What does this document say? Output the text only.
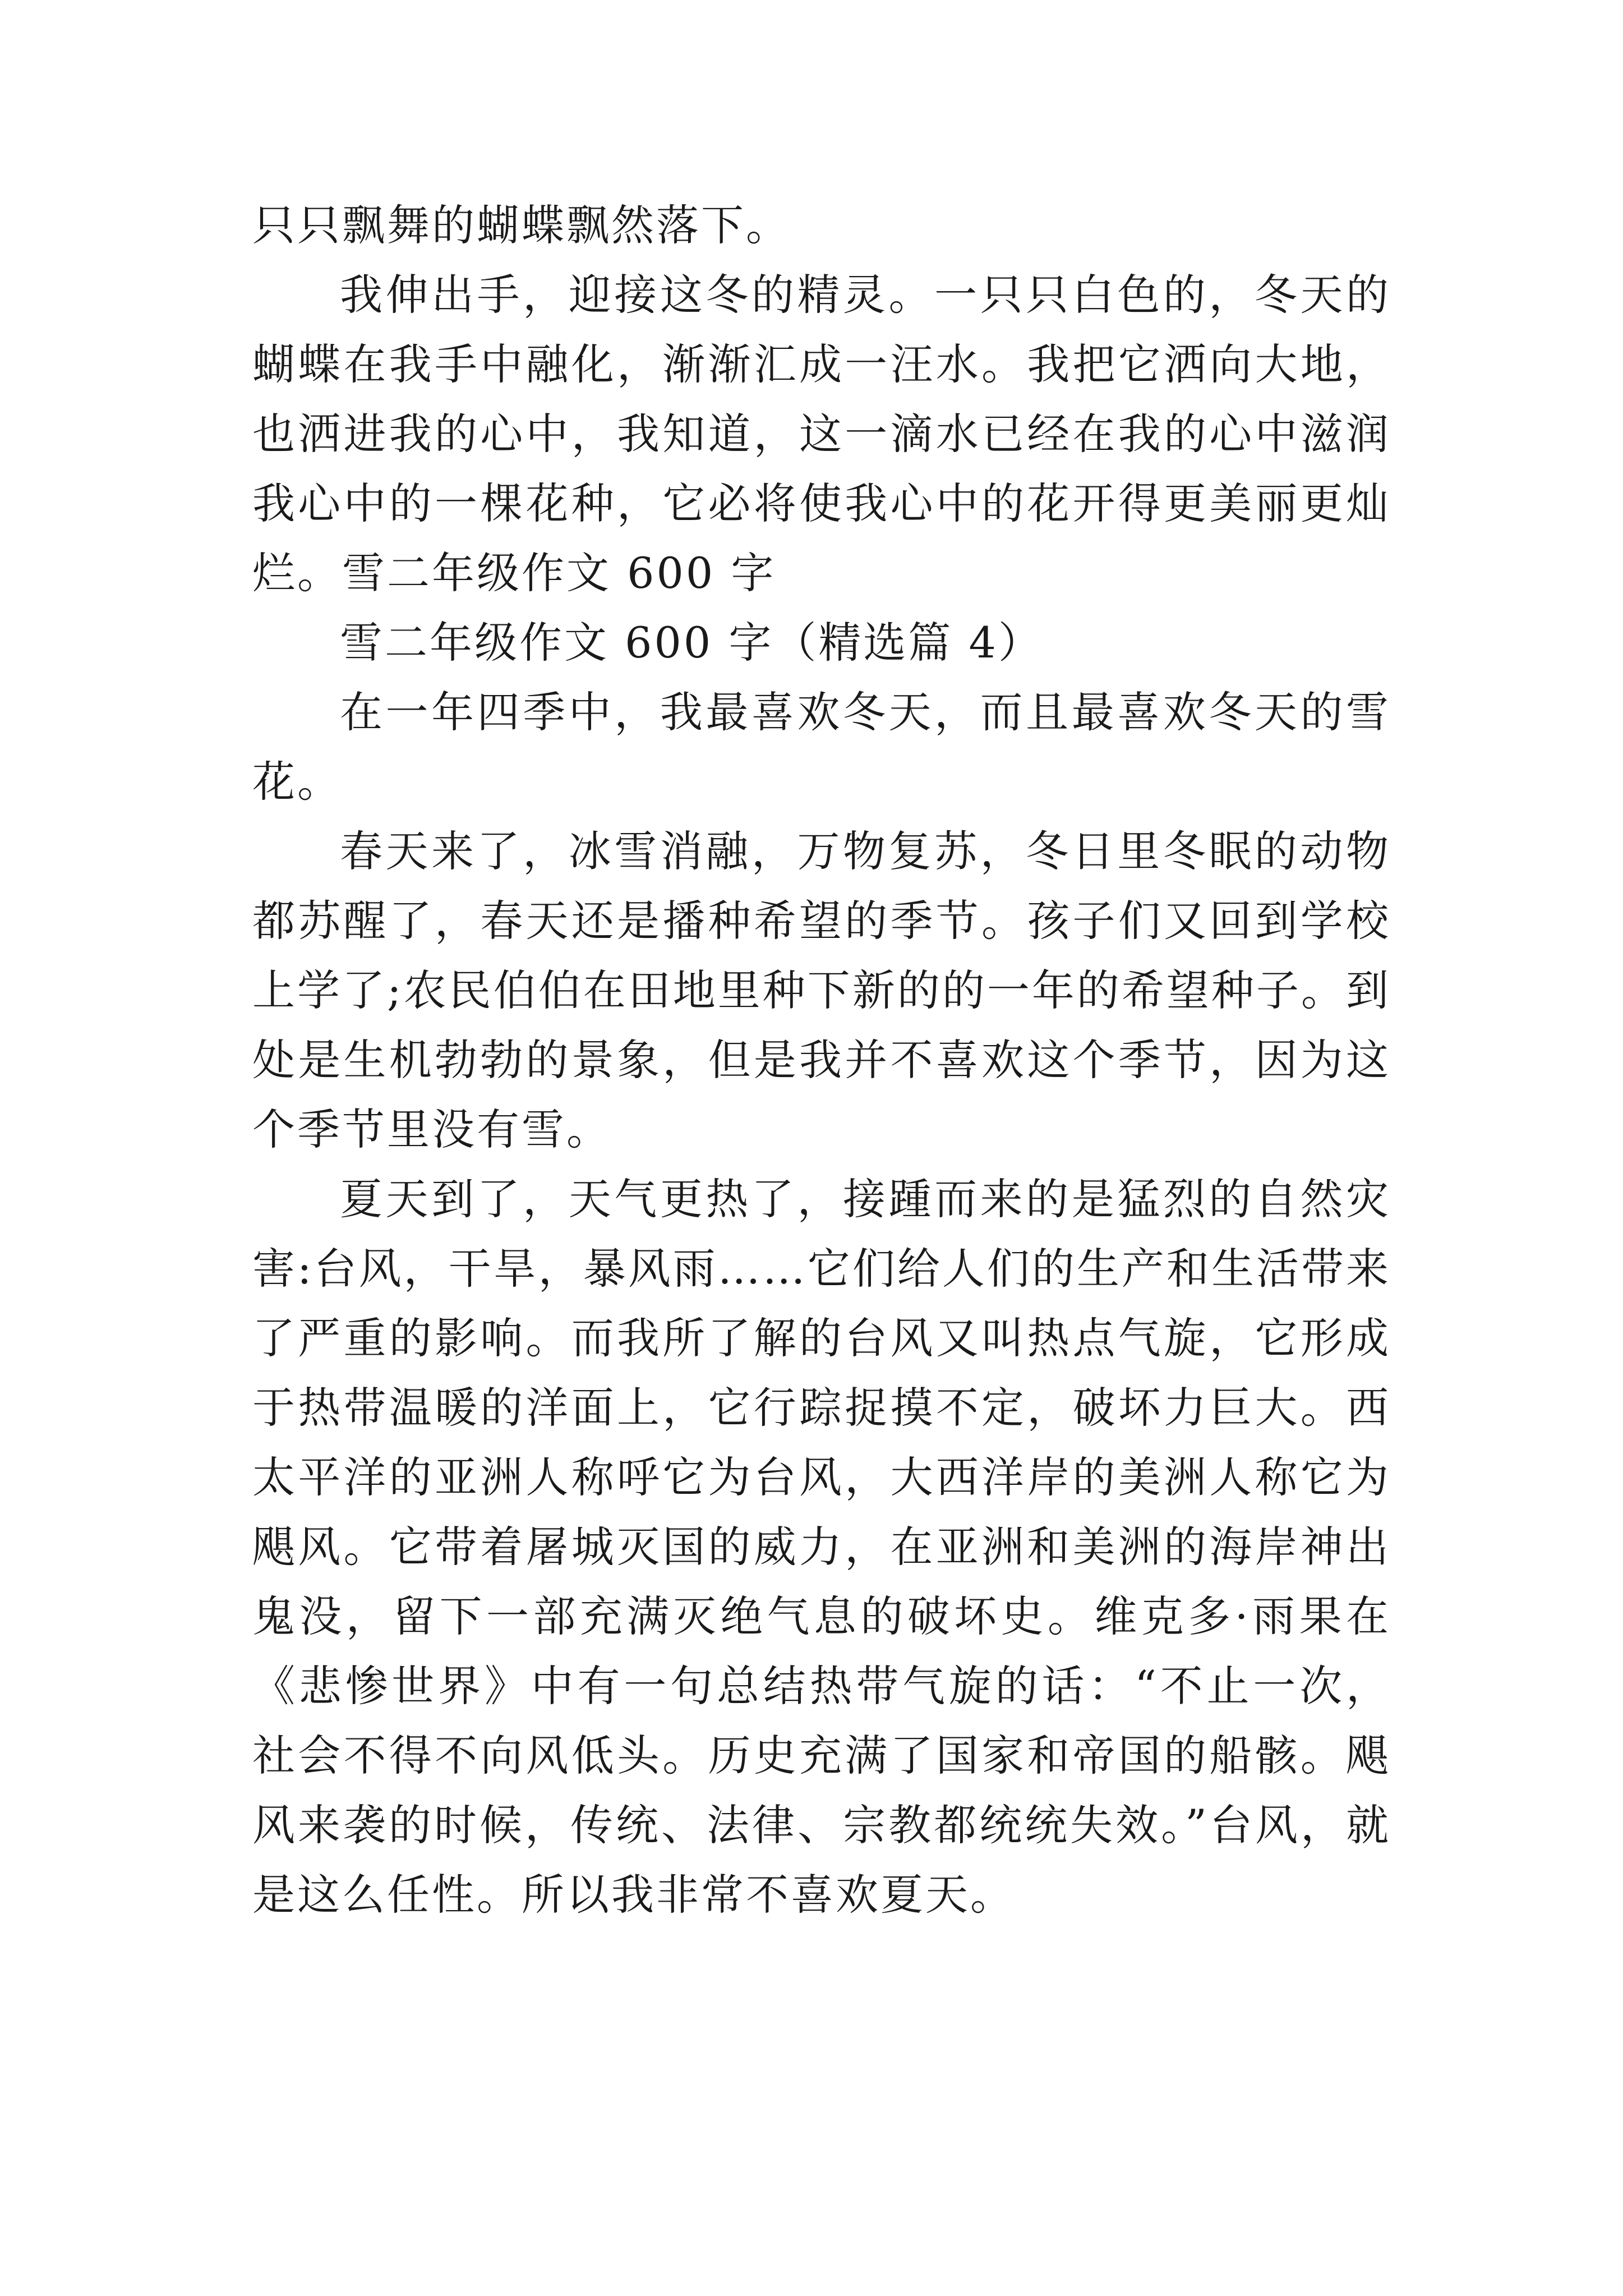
只只飘舞的蝴蝶飘然落下。

我伸出手，迎接这冬的精灵。一只只白色的，冬天的蝴蝶在我手中融化，渐渐汇成一汪水。我把它洒向大地，也洒进我的心中，我知道，这一滴水已经在我的心中滋润我心中的一棵花种，它必将使我心中的花开得更美丽更灿烂。雪二年级作文 600 字

雪二年级作文 600 字（精选篇 4）

在一年四季中，我最喜欢冬天，而且最喜欢冬天的雪花。

春天来了，冰雪消融，万物复苏，冬日里冬眠的动物都苏醒了，春天还是播种希望的季节。孩子们又回到学校上学了;农民伯伯在田地里种下新的的一年的希望种子。到处是生机勃勃的景象，但是我并不喜欢这个季节，因为这个季节里没有雪。

夏天到了，天气更热了，接踵而来的是猛烈的自然灾害:台风，干旱，暴风雨……它们给人们的生产和生活带来了严重的影响。而我所了解的台风又叫热点气旋，它形成于热带温暖的洋面上，它行踪捉摸不定，破坏力巨大。西太平洋的亚洲人称呼它为台风，大西洋岸的美洲人称它为飓风。它带着屠城灭国的威力，在亚洲和美洲的海岸神出鬼没，留下一部充满灭绝气息的破坏史。维克多·雨果在《悲惨世界》中有一句总结热带气旋的话：“不止一次，社会不得不向风低头。历史充满了国家和帝国的船骸。飓风来袭的时候，传统、法律、宗教都统统失效。”台风，就是这么任性。所以我非常不喜欢夏天。
